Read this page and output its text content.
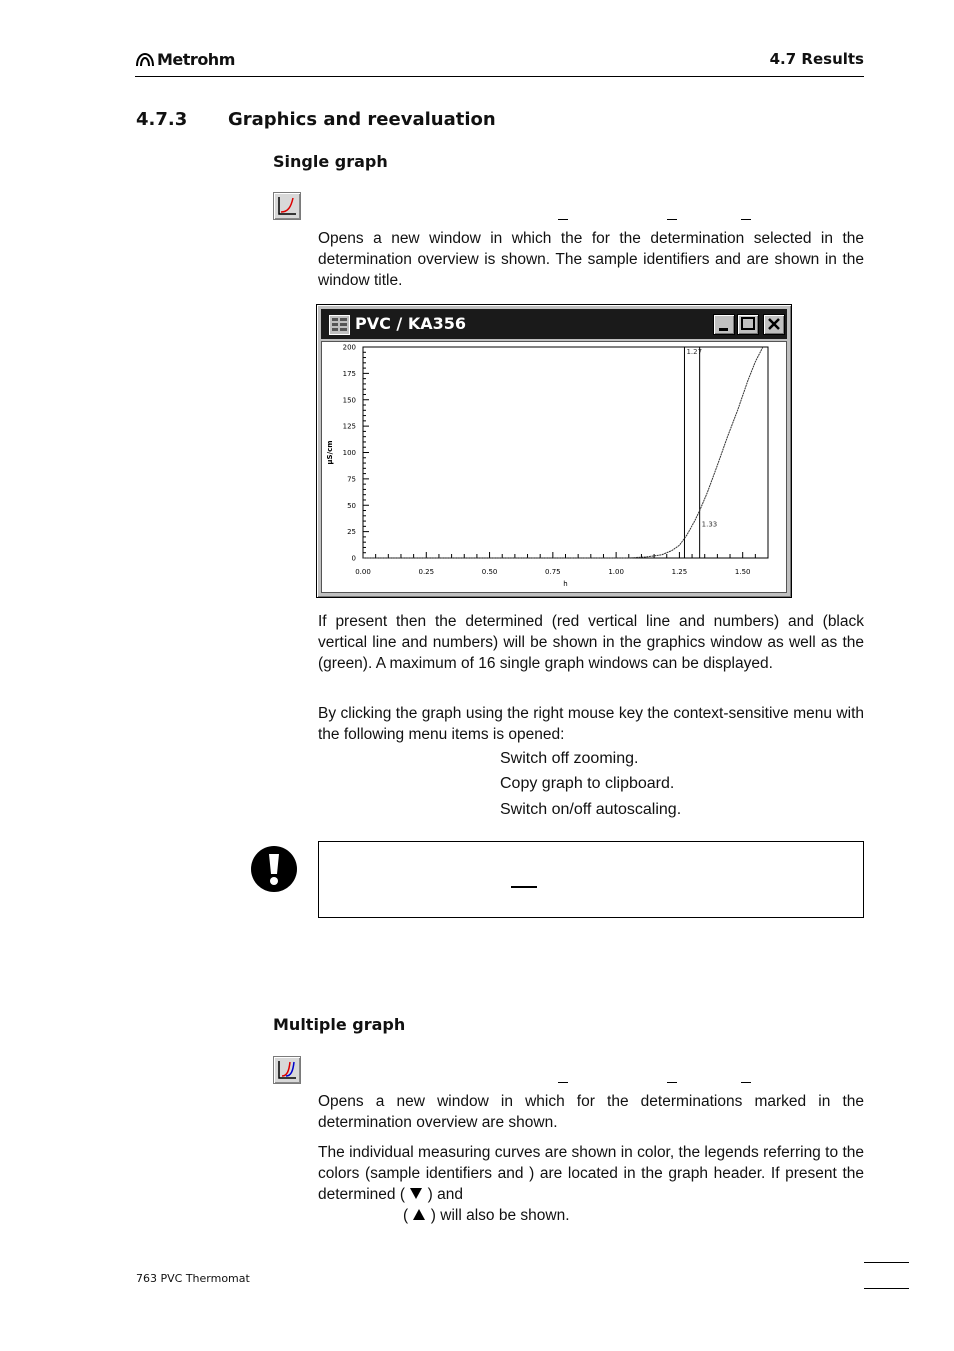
Metrohm	4.7 Results
4.7.3 Graphics and reevaluation
Single graph
Opens a new window in which the for the determination selected in the determination overview is shown. The sample identifiers and are shown in the window title.
PVC / KA356
0.00	0.25	0.50	0.75	1.00	1.25	1.50
0
25
50
75
100
125
150
175
200
h
µS/cm
1.27
1.33
If present then the determined (red vertical line and numbers) and (black vertical line and numbers) will be shown in the graphics window as well as the (green). A maximum of 16 single graph windows can be displayed.
By clicking the graph using the right mouse key the context-sensitive menu with the following menu items is opened:
Switch off zooming.
Copy graph to clipboard.
Switch on/off autoscaling.
Multiple graph
Opens a new window in which for the determinations marked in the determination overview are shown.
The individual measuring curves are shown in color, the legends referring to the colors (sample identifiers and ) are located in the graph header. If present the determined ( ) and
( ) will also be shown.
763 PVC Thermomat
